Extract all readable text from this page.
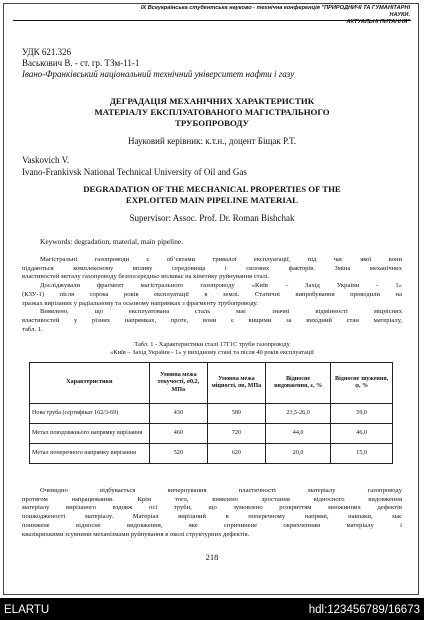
IX Всеукраїнська студентська науково - технічна конференція "ПРИРОДНИЧІ ТА ГУМАНІТАРНІ НАУКИ.
АКТУАЛЬНІ ПИТАННЯ"
УДК 621.326
Васькович В. - ст. гр. ТЗм-11-1
Івано-Франківський національний технічний університет нафти і газу
ДЕГРАДАЦІЯ МЕХАНІЧНИХ ХАРАКТЕРИСТИК
МАТЕРІАЛУ ЕКСПЛУАТОВАНОГО МАГІСТРАЛЬНОГО
ТРУБОПРОВОДУ
Науковий керівник: к.т.н., доцент Біщак Р.Т.
Vaskovich V.
Ivano-Frankivsk National Technical University of Oil and Gas
DEGRADATION OF THE MECHANICAL PROPERTIES OF THE
EXPLOITED MAIN PIPELINE MATERIAL
Supervisor: Assoc. Prof. Dr. Roman Bishchak
Keywords: degradation, material, main pipeline.
Магістральні газопроводи є об’єктами тривалої експлуатації, під час якої вони
піддаються комплексному впливу середовища і силових факторів. Зміна механічних
властивостей металу газопроводу безпосередньо впливає на кінетику руйнування сталі.
Досліджували фрагмент магістрального газопроводу «Київ – Захід України - 1»
(КЗУ-1) після сорока років експлуатації в землі. Статичні випробування проводили на
зразках вирізаних у радіальному та осьовому напрямках з фрагменту трубопроводу.
Виявлено, що експлуатована сталь має значні відмінності міцнісних
властивостей у різних напрямках, проте, вони є вищими за вихідний стан матеріалу,
табл. 1.
Табл. 1 - Характеристики сталі 17Г1С труби газопроводу
«Київ – Захід України - 1» у вихідному стані та після 40 років експлуатації
Характеристики	Умовна межа текучості, σ0,2, МПа	Умовна межа міцності, σв, МПа	Відносне видовження, ε, %	Відносне звуження, φ, %
Нова труба (сертифікат 162/3-69)	430	580	23,5-26,0	59,0
Метал повздовжнього напрямку вирізання	460	720	44,0	46,0
Метал поперечного напрямку вирізання	520	620	20,0	15,0
Очевидно відбувається вичерпування пластичності матеріалу газопроводу
протягом напрацювання. Крім того, виявлено зростання відносного видовження
матеріалу вирізаного вздовж осі труби, що зумовлено розкриттям множинних дефектів
пошкодженості матеріалу. Матеріал вирізаний в поперечному напрямі, навпаки, має
понижене відносне видовження, яке спричинене окрихченням матеріалу і
квазікрихкими зсувними механізмами руйнування в околі структурних дефектів.
218
ELARTU	hdl:123456789/16673
